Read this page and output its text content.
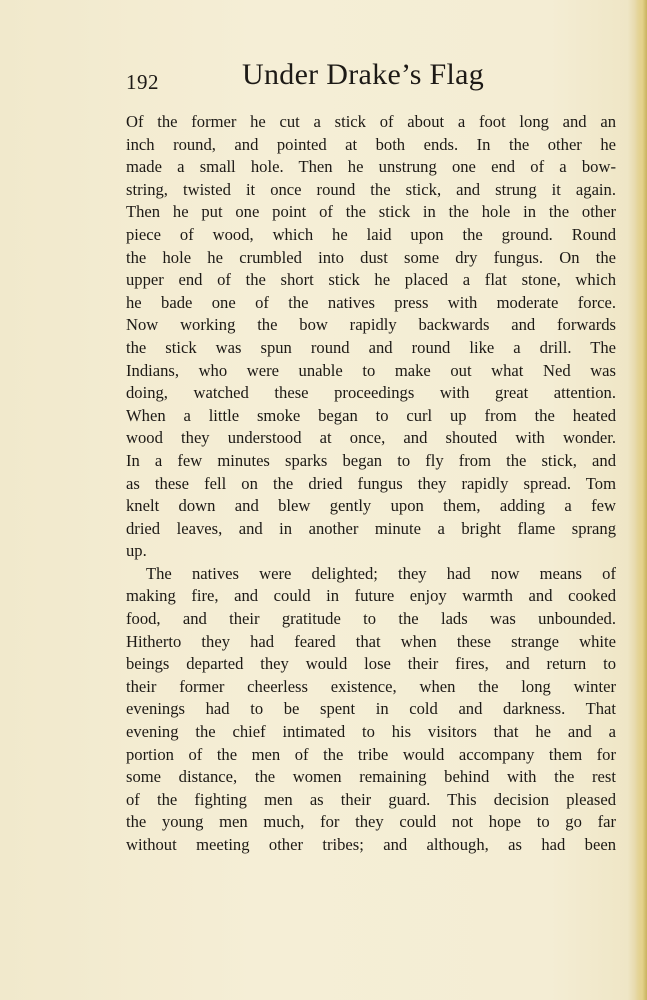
192	Under Drake’s Flag
Of the former he cut a stick of about a foot long and an
inch round, and pointed at both ends. In the other he
made a small hole. Then he unstrung one end of a bow-
string, twisted it once round the stick, and strung it again.
Then he put one point of the stick in the hole in the other
piece of wood, which he laid upon the ground. Round
the hole he crumbled into dust some dry fungus. On the
upper end of the short stick he placed a flat stone, which
he bade one of the natives press with moderate force.
Now working the bow rapidly backwards and forwards
the stick was spun round and round like a drill. The
Indians, who were unable to make out what Ned was
doing, watched these proceedings with great attention.
When a little smoke began to curl up from the heated
wood they understood at once, and shouted with wonder.
In a few minutes sparks began to fly from the stick, and
as these fell on the dried fungus they rapidly spread. Tom
knelt down and blew gently upon them, adding a few
dried leaves, and in another minute a bright flame sprang
up.
The natives were delighted; they had now means of
making fire, and could in future enjoy warmth and cooked
food, and their gratitude to the lads was unbounded.
Hitherto they had feared that when these strange white
beings departed they would lose their fires, and return to
their former cheerless existence, when the long winter
evenings had to be spent in cold and darkness. That
evening the chief intimated to his visitors that he and a
portion of the men of the tribe would accompany them for
some distance, the women remaining behind with the rest
of the fighting men as their guard. This decision pleased
the young men much, for they could not hope to go far
without meeting other tribes; and although, as had been
